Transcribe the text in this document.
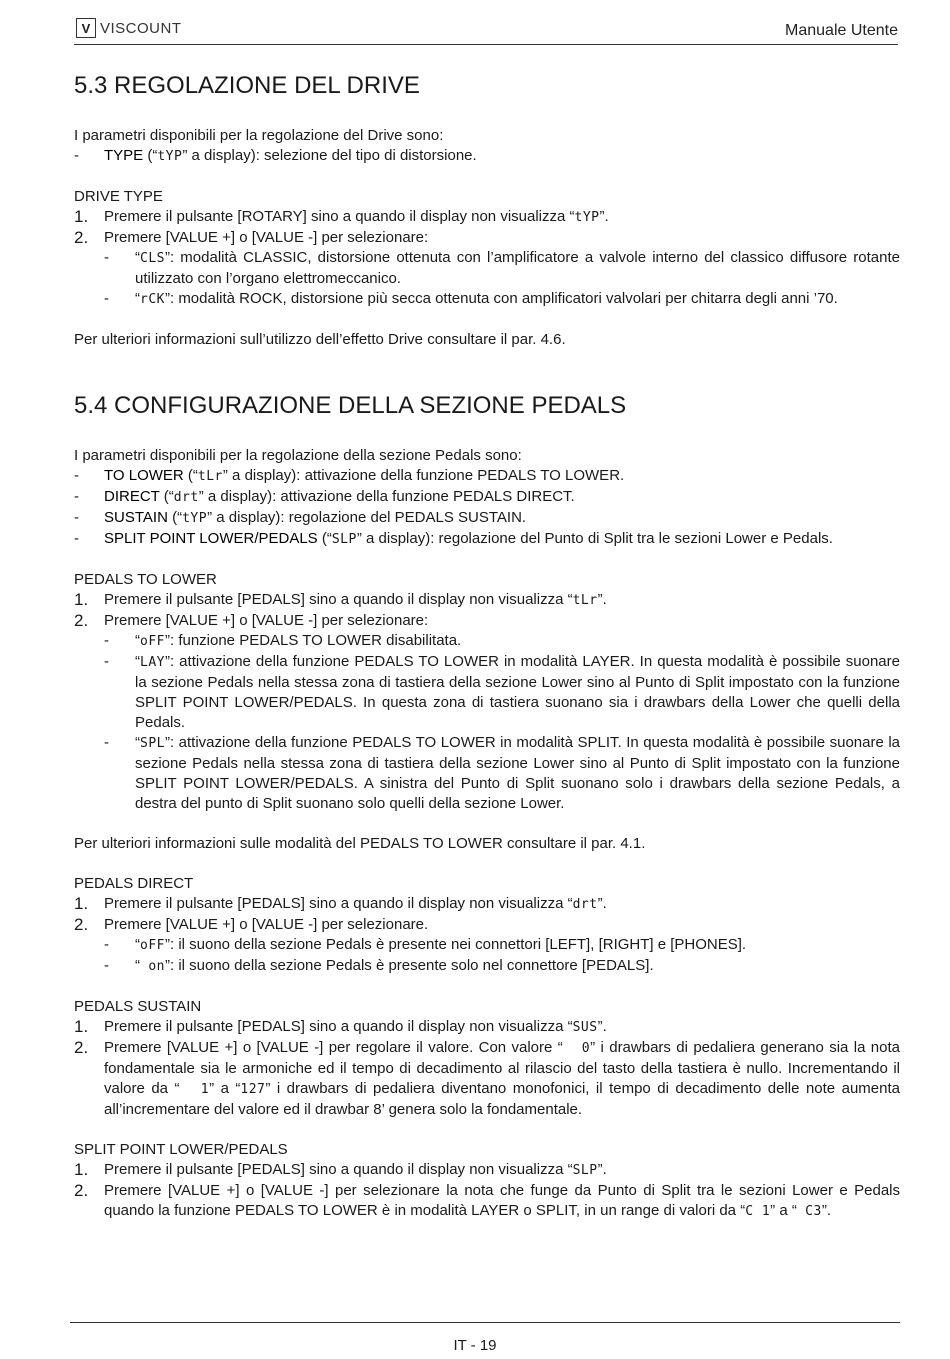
V VISCOUNT	Manuale Utente
5.3 REGOLAZIONE DEL DRIVE

I parametri disponibili per la regolazione del Drive sono:

-	TYPE (“tYP” a display): selezione del tipo di distorsione.
DRIVE TYPE
1.	Premere il pulsante [ROTARY] sino a quando il display non visualizza “tYP”.
2.	Premere [VALUE +] o [VALUE -] per selezionare:
-	“CLS”: modalità CLASSIC, distorsione ottenuta con l’amplificatore a valvole interno del classico diffusore rotante utilizzato con l’organo elettromeccanico.
-	“rCK”: modalità ROCK, distorsione più secca ottenuta con amplificatori valvolari per chitarra degli anni ’70.

Per ulteriori informazioni sull’utilizzo dell’effetto Drive consultare il par. 4.6.

5.4 CONFIGURAZIONE DELLA SEZIONE PEDALS

I parametri disponibili per la regolazione della sezione Pedals sono:

-	TO LOWER (“tLr” a display): attivazione della funzione PEDALS TO LOWER.
-	DIRECT (“drt” a display): attivazione della funzione PEDALS DIRECT.
-	SUSTAIN (“tYP” a display): regolazione del PEDALS SUSTAIN.
-	SPLIT POINT LOWER/PEDALS (“SLP” a display): regolazione del Punto di Split tra le sezioni Lower e Pedals.
PEDALS TO LOWER
1.	Premere il pulsante [PEDALS] sino a quando il display non visualizza “tLr”.
2.	Premere [VALUE +] o [VALUE -] per selezionare:
-	“oFF”: funzione PEDALS TO LOWER disabilitata.
-	“LAY”: attivazione della funzione PEDALS TO LOWER in modalità LAYER. In questa modalità è possibile suonare la sezione Pedals nella stessa zona di tastiera della sezione Lower sino al Punto di Split impostato con la funzione SPLIT POINT LOWER/PEDALS. In questa zona di tastiera suonano sia i drawbars della Lower che quelli della Pedals.
-	“SPL”: attivazione della funzione PEDALS TO LOWER in modalità SPLIT. In questa modalità è possibile suonare la sezione Pedals nella stessa zona di tastiera della sezione Lower sino al Punto di Split impostato con la funzione SPLIT POINT LOWER/PEDALS. A sinistra del Punto di Split suonano solo i drawbars della sezione Pedals, a destra del punto di Split suonano solo quelli della sezione Lower.

Per ulteriori informazioni sulle modalità del PEDALS TO LOWER consultare il par. 4.1.

PEDALS DIRECT
1.	Premere il pulsante [PEDALS] sino a quando il display non visualizza “drt”.
2.	Premere [VALUE +] o [VALUE -] per selezionare.
-	“oFF”: il suono della sezione Pedals è presente nei connettori [LEFT], [RIGHT] e [PHONES].
-	“ on”: il suono della sezione Pedals è presente solo nel connettore [PEDALS].
PEDALS SUSTAIN
1.	Premere il pulsante [PEDALS] sino a quando il display non visualizza “SUS”.
2.	Premere [VALUE +] o [VALUE -] per regolare il valore. Con valore “  0” i drawbars di pedaliera generano sia la nota fondamentale sia le armoniche ed il tempo di decadimento al rilascio del tasto della tastiera è nullo. Incrementando il valore da “  1” a “127” i drawbars di pedaliera diventano monofonici, il tempo di decadimento delle note aumenta all’incrementare del valore ed il drawbar 8’ genera solo la fondamentale.
SPLIT POINT LOWER/PEDALS
1.	Premere il pulsante [PEDALS] sino a quando il display non visualizza “SLP”.
2.	Premere [VALUE +] o [VALUE -] per selezionare la nota che funge da Punto di Split tra le sezioni Lower e Pedals quando la funzione PEDALS TO LOWER è in modalità LAYER o SPLIT, in un range di valori da “C 1” a “ C3”.
IT - 19
